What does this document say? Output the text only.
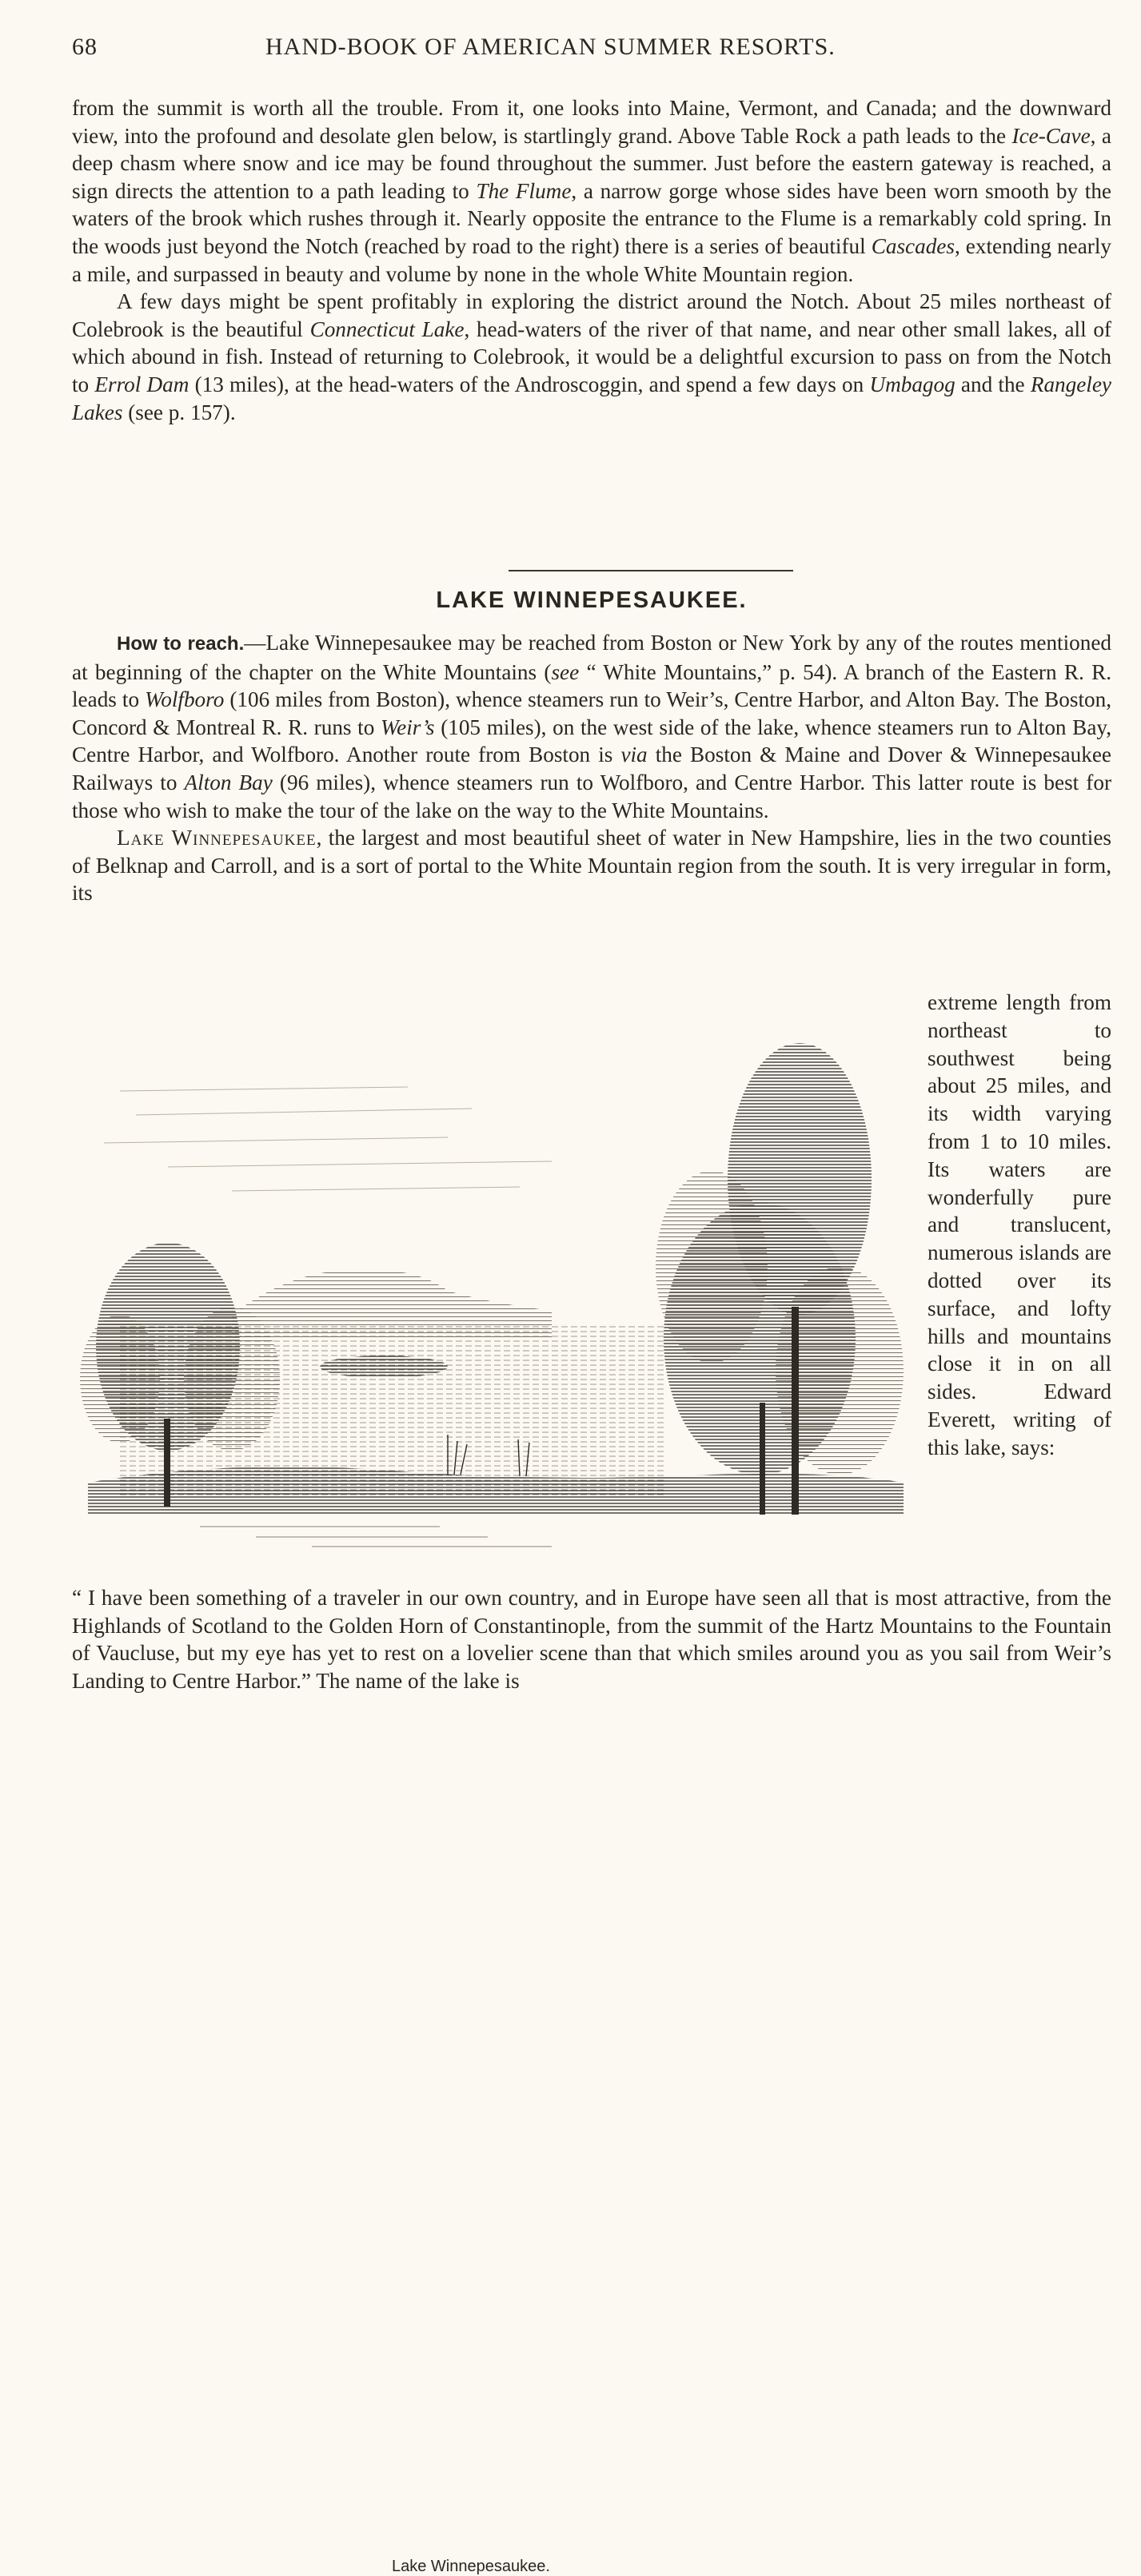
68	HAND-BOOK OF AMERICAN SUMMER RESORTS.

from the summit is worth all the trouble. From it, one looks into Maine, Vermont, and Canada; and the downward view, into the profound and desolate glen below, is startlingly grand. Above Table Rock a path leads to the Ice-Cave, a deep chasm where snow and ice may be found throughout the summer. Just before the eastern gateway is reached, a sign directs the attention to a path leading to The Flume, a narrow gorge whose sides have been worn smooth by the waters of the brook which rushes through it. Nearly opposite the entrance to the Flume is a remarkably cold spring. In the woods just beyond the Notch (reached by road to the right) there is a series of beautiful Cascades, extending nearly a mile, and surpassed in beauty and volume by none in the whole White Mountain region.

A few days might be spent profitably in exploring the district around the Notch. About 25 miles northeast of Colebrook is the beautiful Connecticut Lake, head-waters of the river of that name, and near other small lakes, all of which abound in fish. Instead of returning to Colebrook, it would be a delightful excursion to pass on from the Notch to Errol Dam (13 miles), at the head-waters of the Androscoggin, and spend a few days on Umbagog and the Rangeley Lakes (see p. 157).

LAKE WINNEPESAUKEE.

How to reach.—Lake Winnepesaukee may be reached from Boston or New York by any of the routes mentioned at beginning of the chapter on the White Mountains (see “ White Mountains,” p. 54). A branch of the Eastern R. R. leads to Wolfboro (106 miles from Boston), whence steamers run to Weir’s, Centre Harbor, and Alton Bay. The Boston, Concord & Montreal R. R. runs to Weir’s (105 miles), on the west side of the lake, whence steamers run to Alton Bay, Centre Harbor, and Wolfboro. Another route from Boston is via the Boston & Maine and Dover & Winnepesaukee Railways to Alton Bay (96 miles), whence steamers run to Wolfboro, and Centre Harbor. This latter route is best for those who wish to make the tour of the lake on the way to the White Mountains.

Lake Winnepesaukee, the largest and most beautiful sheet of water in New Hampshire, lies in the two counties of Belknap and Carroll, and is a sort of portal to the White Mountain region from the south. It is very irregular in form, its

extreme length from northeast to southwest being about 25 miles, and its width varying from 1 to 10 miles. Its waters are wonderfully pure and translucent, numerous islands are dotted over its surface, and lofty hills and mountains close it in on all sides. Edward Everett, writing of this lake, says:

Lake Winnepesaukee.

“ I have been something of a traveler in our own country, and in Europe have seen all that is most attractive, from the Highlands of Scotland to the Golden Horn of Constantinople, from the summit of the Hartz Mountains to the Fountain of Vaucluse, but my eye has yet to rest on a lovelier scene than that which smiles around you as you sail from Weir’s Landing to Centre Harbor.” The name of the lake is
